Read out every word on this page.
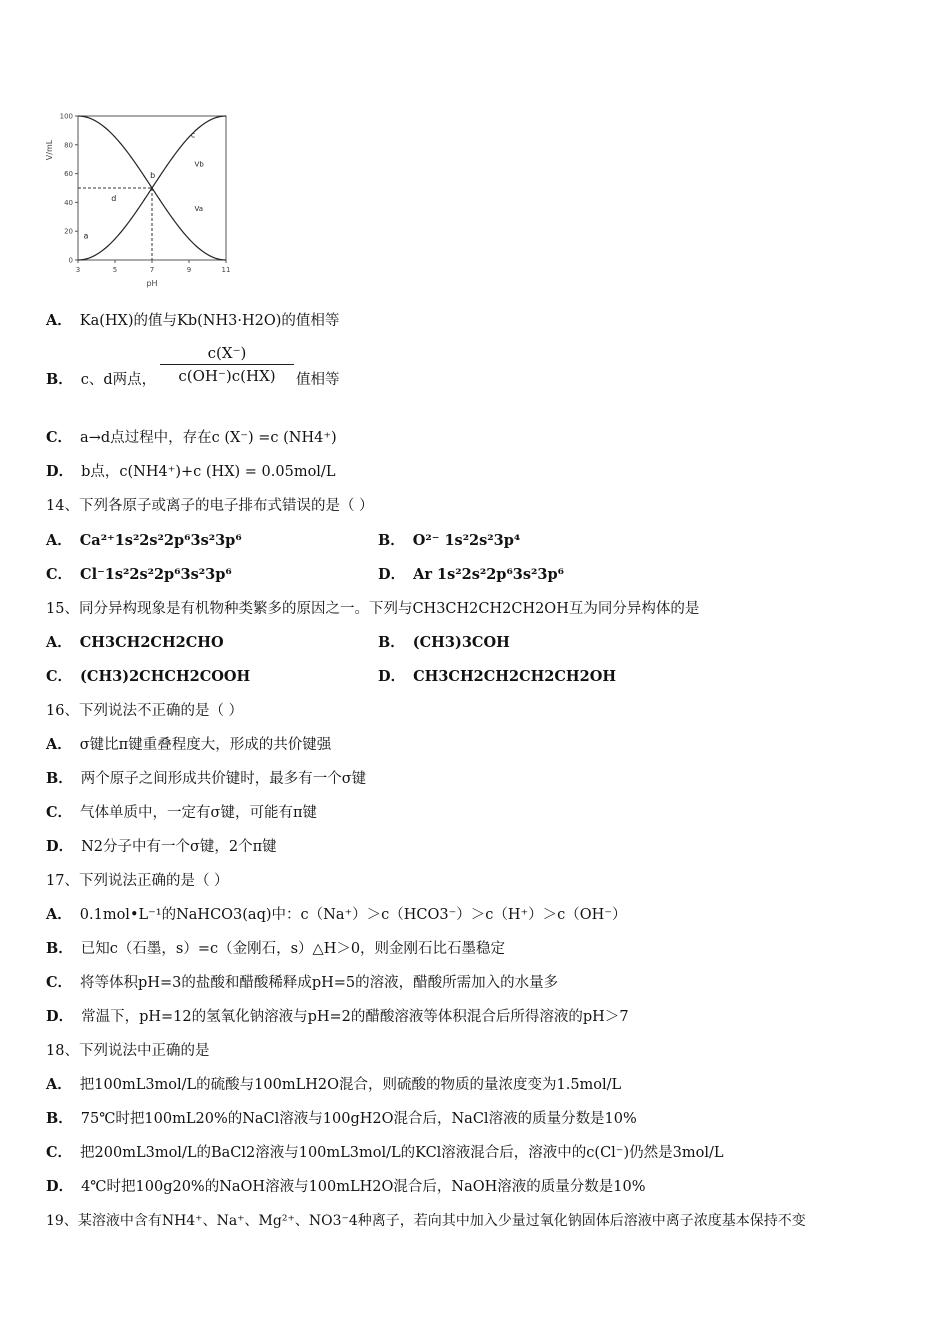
0
20
40
60
80
100
3	5	7	9	11
V/mL
pH
a
b
c
d
Vb
Va
A． Ka(HX)的值与Kb(NH3·H2O)的值相等
B． c、d两点， $\frac{c(X^-)}{c(OH^-)c(HX)}$ 值相等
C． a→d点过程中，存在c (X⁻) =c (NH4⁺)
D． b点，c(NH4⁺)+c (HX) = 0.05mol/L
14、下列各原子或离子的电子排布式错误的是（ ）
A． Ca²⁺1s²2s²2p⁶3s²3p⁶	B． O²⁻ 1s²2s²3p⁴
C． Cl⁻1s²2s²2p⁶3s²3p⁶	D． Ar 1s²2s²2p⁶3s²3p⁶
15、同分异构现象是有机物种类繁多的原因之一。下列与CH3CH2CH2CH2OH互为同分异构体的是
A． CH3CH2CH2CHO	B． (CH3)3COH
C． (CH3)2CHCH2COOH	D． CH3CH2CH2CH2CH2OH
16、下列说法不正确的是（ ）
A． σ键比π键重叠程度大，形成的共价键强
B． 两个原子之间形成共价键时，最多有一个σ键
C． 气体单质中，一定有σ键，可能有π键
D． N2分子中有一个σ键，2个π键
17、下列说法正确的是（ ）
A． 0.1mol•L⁻¹的NaHCO3(aq)中：c（Na⁺）＞c（HCO3⁻）＞c（H⁺）＞c（OH⁻）
B． 已知c（石墨，s）=c（金刚石，s）△H＞0，则金刚石比石墨稳定
C． 将等体积pH=3的盐酸和醋酸稀释成pH=5的溶液，醋酸所需加入的水量多
D． 常温下，pH=12的氢氧化钠溶液与pH=2的醋酸溶液等体积混合后所得溶液的pH＞7
18、下列说法中正确的是
A． 把100mL3mol/L的硫酸与100mLH2O混合，则硫酸的物质的量浓度变为1.5mol/L
B． 75℃时把100mL20%的NaCl溶液与100gH2O混合后，NaCl溶液的质量分数是10%
C． 把200mL3mol/L的BaCl2溶液与100mL3mol/L的KCl溶液混合后，溶液中的c(Cl⁻)仍然是3mol/L
D． 4℃时把100g20%的NaOH溶液与100mLH2O混合后，NaOH溶液的质量分数是10%
19、某溶液中含有NH4⁺、Na⁺、Mg²⁺、NO3⁻4种离子，若向其中加入少量过氧化钠固体后溶液中离子浓度基本保持不变
